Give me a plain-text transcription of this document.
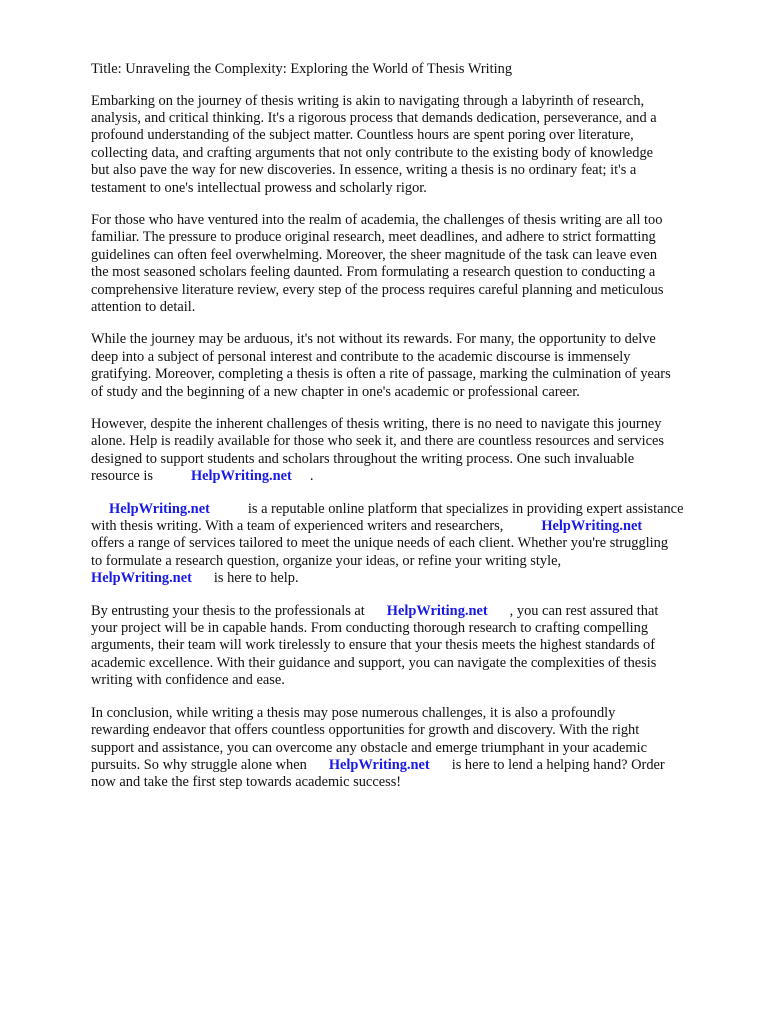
Title: Unraveling the Complexity: Exploring the World of Thesis Writing
Embarking on the journey of thesis writing is akin to navigating through a labyrinth of research,
analysis, and critical thinking. It's a rigorous process that demands dedication, perseverance, and a
profound understanding of the subject matter. Countless hours are spent poring over literature,
collecting data, and crafting arguments that not only contribute to the existing body of knowledge
but also pave the way for new discoveries. In essence, writing a thesis is no ordinary feat; it's a
testament to one's intellectual prowess and scholarly rigor.
For those who have ventured into the realm of academia, the challenges of thesis writing are all too
familiar. The pressure to produce original research, meet deadlines, and adhere to strict formatting
guidelines can often feel overwhelming. Moreover, the sheer magnitude of the task can leave even
the most seasoned scholars feeling daunted. From formulating a research question to conducting a
comprehensive literature review, every step of the process requires careful planning and meticulous
attention to detail.
While the journey may be arduous, it's not without its rewards. For many, the opportunity to delve
deep into a subject of personal interest and contribute to the academic discourse is immensely
gratifying. Moreover, completing a thesis is often a rite of passage, marking the culmination of years
of study and the beginning of a new chapter in one's academic or professional career.
However, despite the inherent challenges of thesis writing, there is no need to navigate this journey
alone. Help is readily available for those who seek it, and there are countless resources and services
designed to support students and scholars throughout the writing process. One such invaluable
resource is	HelpWriting.net .
HelpWriting.net	is a reputable online platform that specializes in providing expert assistance
with thesis writing. With a team of experienced writers and researchers,	HelpWriting.net
offers a range of services tailored to meet the unique needs of each client. Whether you're struggling
to formulate a research question, organize your ideas, or refine your writing style,
HelpWriting.net is here to help.
By entrusting your thesis to the professionals at HelpWriting.net , you can rest assured that
your project will be in capable hands. From conducting thorough research to crafting compelling
arguments, their team will work tirelessly to ensure that your thesis meets the highest standards of
academic excellence. With their guidance and support, you can navigate the complexities of thesis
writing with confidence and ease.
In conclusion, while writing a thesis may pose numerous challenges, it is also a profoundly
rewarding endeavor that offers countless opportunities for growth and discovery. With the right
support and assistance, you can overcome any obstacle and emerge triumphant in your academic
pursuits. So why struggle alone when HelpWriting.net is here to lend a helping hand? Order
now and take the first step towards academic success!
